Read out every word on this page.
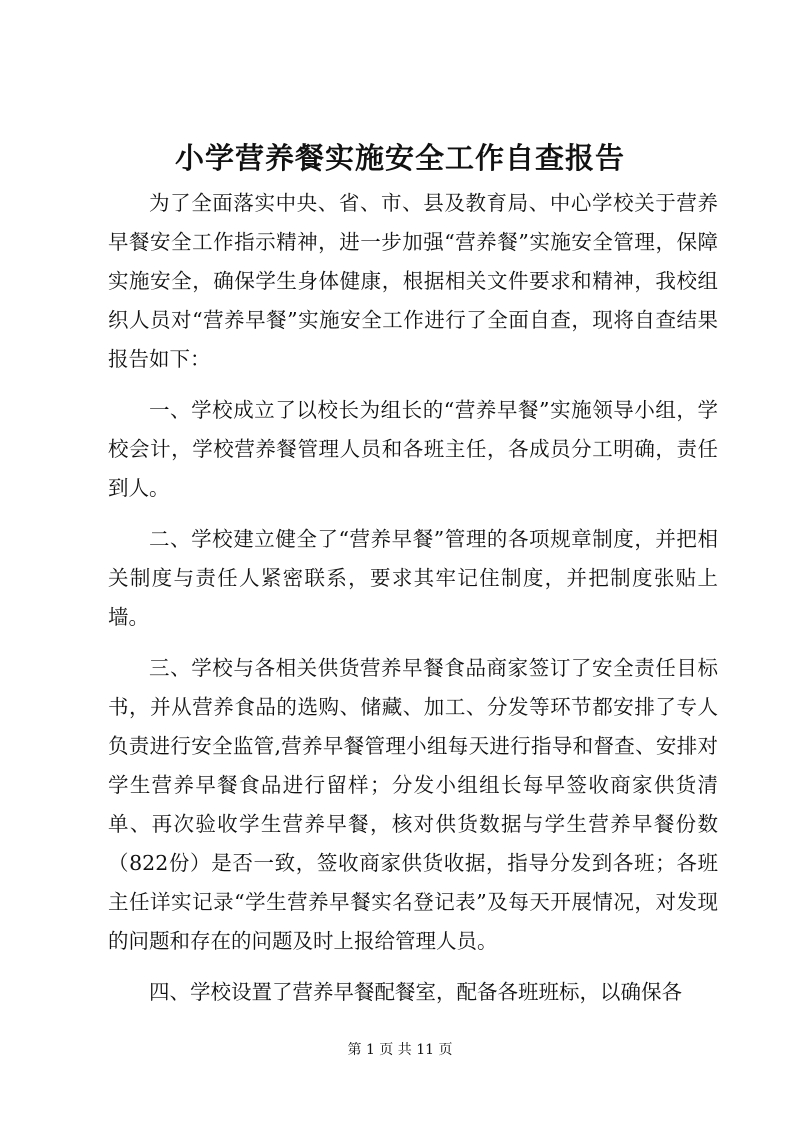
小学营养餐实施安全工作自查报告

为了全面落实中央、省、市、县及教育局、中心学校关于营养早餐安全工作指示精神，进一步加强“营养餐”实施安全管理，保障实施安全，确保学生身体健康，根据相关文件要求和精神，我校组织人员对“营养早餐”实施安全工作进行了全面自查，现将自查结果报告如下：

一、学校成立了以校长为组长的“营养早餐”实施领导小组，学校会计，学校营养餐管理人员和各班主任，各成员分工明确，责任到人。

二、学校建立健全了“营养早餐”管理的各项规章制度，并把相关制度与责任人紧密联系，要求其牢记住制度，并把制度张贴上墙。

三、学校与各相关供货营养早餐食品商家签订了安全责任目标书，并从营养食品的选购、储藏、加工、分发等环节都安排了专人负责进行安全监管,营养早餐管理小组每天进行指导和督查、安排对学生营养早餐食品进行留样；分发小组组长每早签收商家供货清单、再次验收学生营养早餐，核对供货数据与学生营养早餐份数（822份）是否一致，签收商家供货收据，指导分发到各班；各班主任详实记录“学生营养早餐实名登记表”及每天开展情况，对发现的问题和存在的问题及时上报给管理人员。

四、学校设置了营养早餐配餐室，配备各班班标，以确保各

第 1 页 共 11 页
